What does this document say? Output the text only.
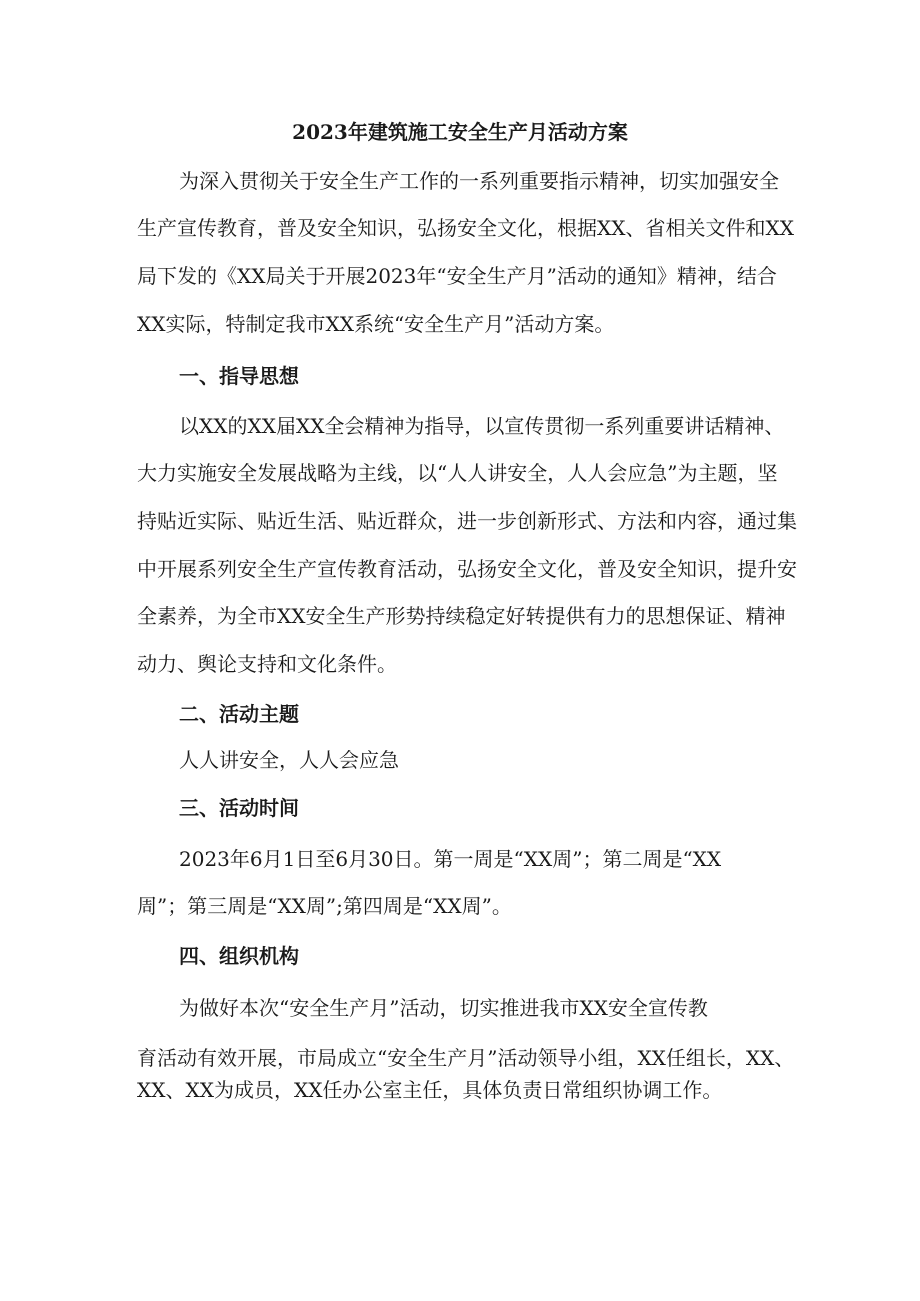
2023年建筑施工安全生产月活动方案

为深入贯彻关于安全生产工作的一系列重要指示精神，切实加强安全

生产宣传教育，普及安全知识，弘扬安全文化，根据XX、省相关文件和XX

局下发的《XX局关于开展2023年“安全生产月”活动的通知》精神，结合

XX实际，特制定我市XX系统“安全生产月”活动方案。

一、指导思想

以XX的XX届XX全会精神为指导，以宣传贯彻一系列重要讲话精神、

大力实施安全发展战略为主线，以“人人讲安全，人人会应急”为主题，坚

持贴近实际、贴近生活、贴近群众，进一步创新形式、方法和内容，通过集

中开展系列安全生产宣传教育活动，弘扬安全文化，普及安全知识，提升安

全素养，为全市XX安全生产形势持续稳定好转提供有力的思想保证、精神

动力、舆论支持和文化条件。

二、活动主题

人人讲安全，人人会应急

三、活动时间

2023年6月1日至6月30日。第一周是“XX周”；第二周是“XX

周”；第三周是“XX周”;第四周是“XX周”。

四、组织机构

为做好本次“安全生产月”活动，切实推进我市XX安全宣传教

育活动有效开展，市局成立“安全生产月”活动领导小组，XX任组长，XX、

XX、XX为成员，XX任办公室主任，具体负责日常组织协调工作。
